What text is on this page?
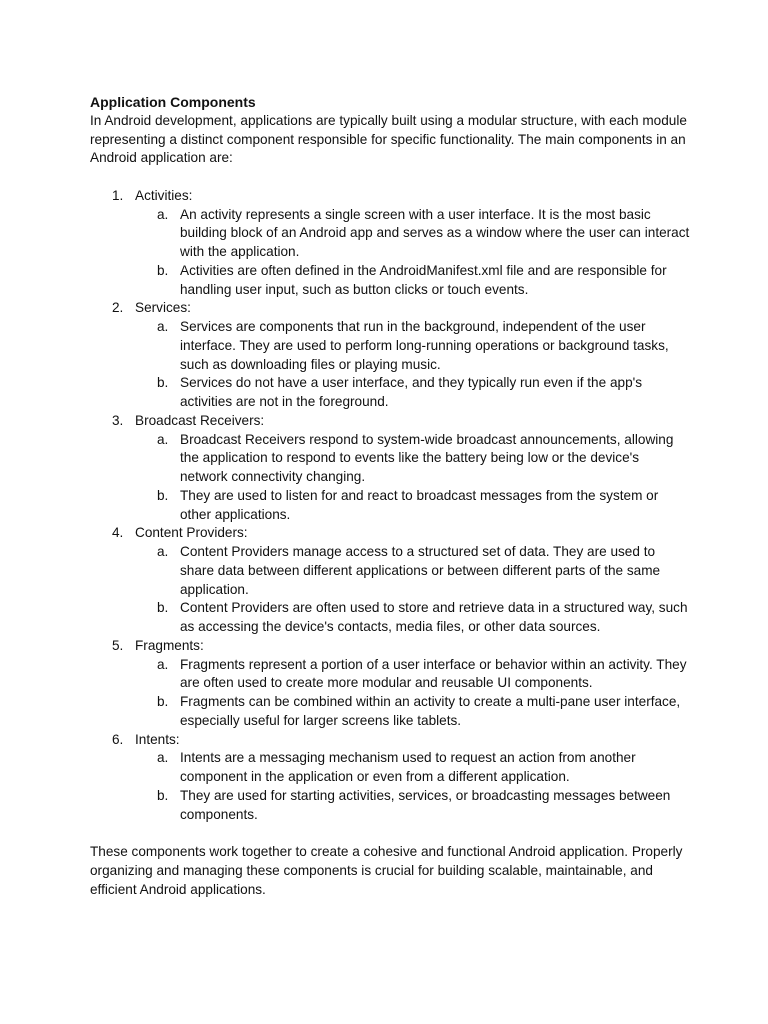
Application Components

In Android development, applications are typically built using a modular structure, with each module representing a distinct component responsible for specific functionality. The main components in an Android application are:

1. Activities:
a. An activity represents a single screen with a user interface. It is the most basic building block of an Android app and serves as a window where the user can interact with the application.
b. Activities are often defined in the AndroidManifest.xml file and are responsible for handling user input, such as button clicks or touch events.
2. Services:
a. Services are components that run in the background, independent of the user interface. They are used to perform long-running operations or background tasks, such as downloading files or playing music.
b. Services do not have a user interface, and they typically run even if the app's activities are not in the foreground.
3. Broadcast Receivers:
a. Broadcast Receivers respond to system-wide broadcast announcements, allowing the application to respond to events like the battery being low or the device's network connectivity changing.
b. They are used to listen for and react to broadcast messages from the system or other applications.
4. Content Providers:
a. Content Providers manage access to a structured set of data. They are used to share data between different applications or between different parts of the same application.
b. Content Providers are often used to store and retrieve data in a structured way, such as accessing the device's contacts, media files, or other data sources.
5. Fragments:
a. Fragments represent a portion of a user interface or behavior within an activity. They are often used to create more modular and reusable UI components.
b. Fragments can be combined within an activity to create a multi-pane user interface, especially useful for larger screens like tablets.
6. Intents:
a. Intents are a messaging mechanism used to request an action from another component in the application or even from a different application.
b. They are used for starting activities, services, or broadcasting messages between components.

These components work together to create a cohesive and functional Android application. Properly organizing and managing these components is crucial for building scalable, maintainable, and efficient Android applications.
